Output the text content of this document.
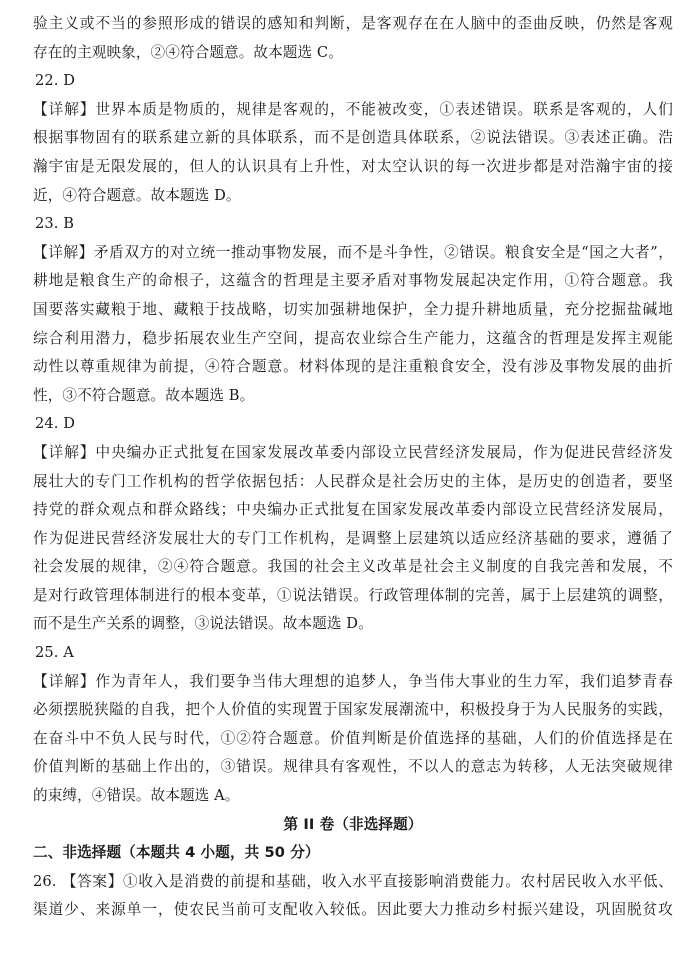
验主义或不当的参照形成的错误的感知和判断，是客观存在在人脑中的歪曲反映，仍然是客观
存在的主观映象，②④符合题意。故本题选 C。
22. D
【详解】世界本质是物质的，规律是客观的，不能被改变，①表述错误。联系是客观的，人们
根据事物固有的联系建立新的具体联系，而不是创造具体联系，②说法错误。③表述正确。浩
瀚宇宙是无限发展的，但人的认识具有上升性，对太空认识的每一次进步都是对浩瀚宇宙的接
近，④符合题意。故本题选 D。
23. B
【详解】矛盾双方的对立统一推动事物发展，而不是斗争性，②错误。粮食安全是“国之大者”，
耕地是粮食生产的命根子，这蕴含的哲理是主要矛盾对事物发展起决定作用，①符合题意。我
国要落实藏粮于地、藏粮于技战略，切实加强耕地保护，全力提升耕地质量，充分挖掘盐碱地
综合利用潜力，稳步拓展农业生产空间，提高农业综合生产能力，这蕴含的哲理是发挥主观能
动性以尊重规律为前提，④符合题意。材料体现的是注重粮食安全，没有涉及事物发展的曲折
性，③不符合题意。故本题选 B。
24. D
【详解】中央编办正式批复在国家发展改革委内部设立民营经济发展局，作为促进民营经济发
展壮大的专门工作机构的哲学依据包括：人民群众是社会历史的主体，是历史的创造者，要坚
持党的群众观点和群众路线；中央编办正式批复在国家发展改革委内部设立民营经济发展局，
作为促进民营经济发展壮大的专门工作机构，是调整上层建筑以适应经济基础的要求，遵循了
社会发展的规律，②④符合题意。我国的社会主义改革是社会主义制度的自我完善和发展，不
是对行政管理体制进行的根本变革，①说法错误。行政管理体制的完善，属于上层建筑的调整，
而不是生产关系的调整，③说法错误。故本题选 D。
25. A
【详解】作为青年人，我们要争当伟大理想的追梦人，争当伟大事业的生力军，我们追梦青春
必须摆脱狭隘的自我，把个人价值的实现置于国家发展潮流中，积极投身于为人民服务的实践，
在奋斗中不负人民与时代，①②符合题意。价值判断是价值选择的基础，人们的价值选择是在
价值判断的基础上作出的，③错误。规律具有客观性，不以人的意志为转移，人无法突破规律
的束缚，④错误。故本题选 A。
第 II 卷（非选择题）
二、非选择题（本题共 4 小题，共 50 分）
26. 【答案】①收入是消费的前提和基础，收入水平直接影响消费能力。农村居民收入水平低、
渠道少、来源单一，使农民当前可支配收入较低。因此要大力推动乡村振兴建设，巩固脱贫攻
